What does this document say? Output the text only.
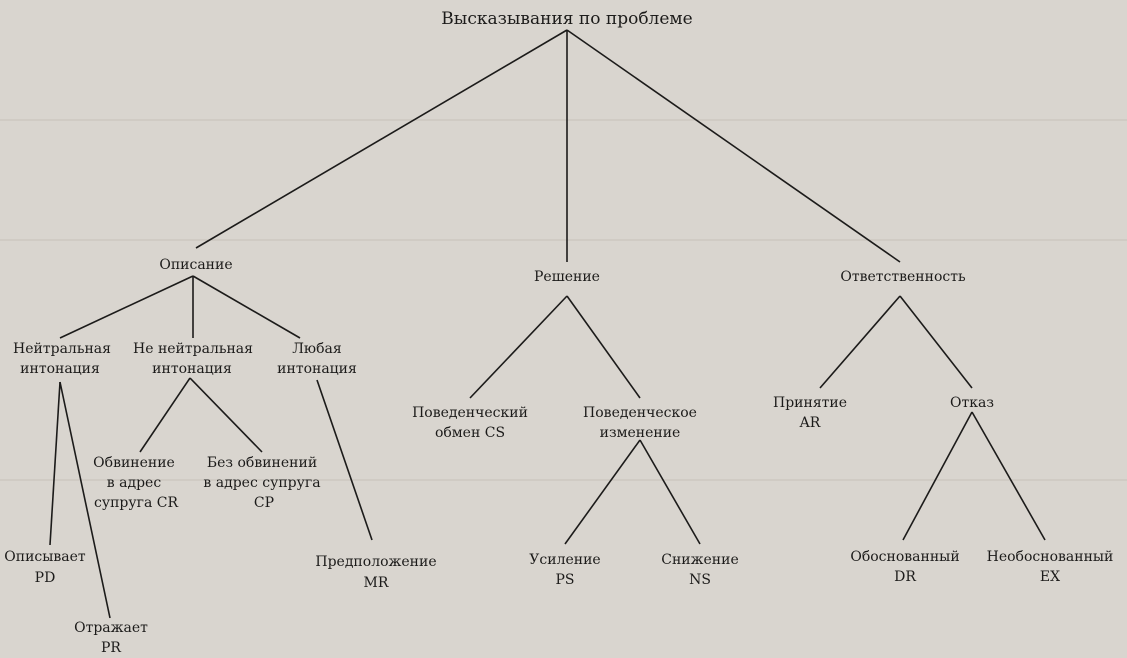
Высказывания по проблеме
Описание
Нейтральная
интонация
Не нейтральная
интонация
Любая
интонация
Описывает
PD
Отражает
PR
Обвинение
в адрес
супруга CR
Без обвинений
в адрес супруга
CP
Предположение
MR
Решение
Поведенческий
обмен CS
Поведенческое
изменение
Усиление
PS
Снижение
NS
Ответственность
Принятие
AR
Отказ
Обоснованный
DR
Необоснованный
EX
